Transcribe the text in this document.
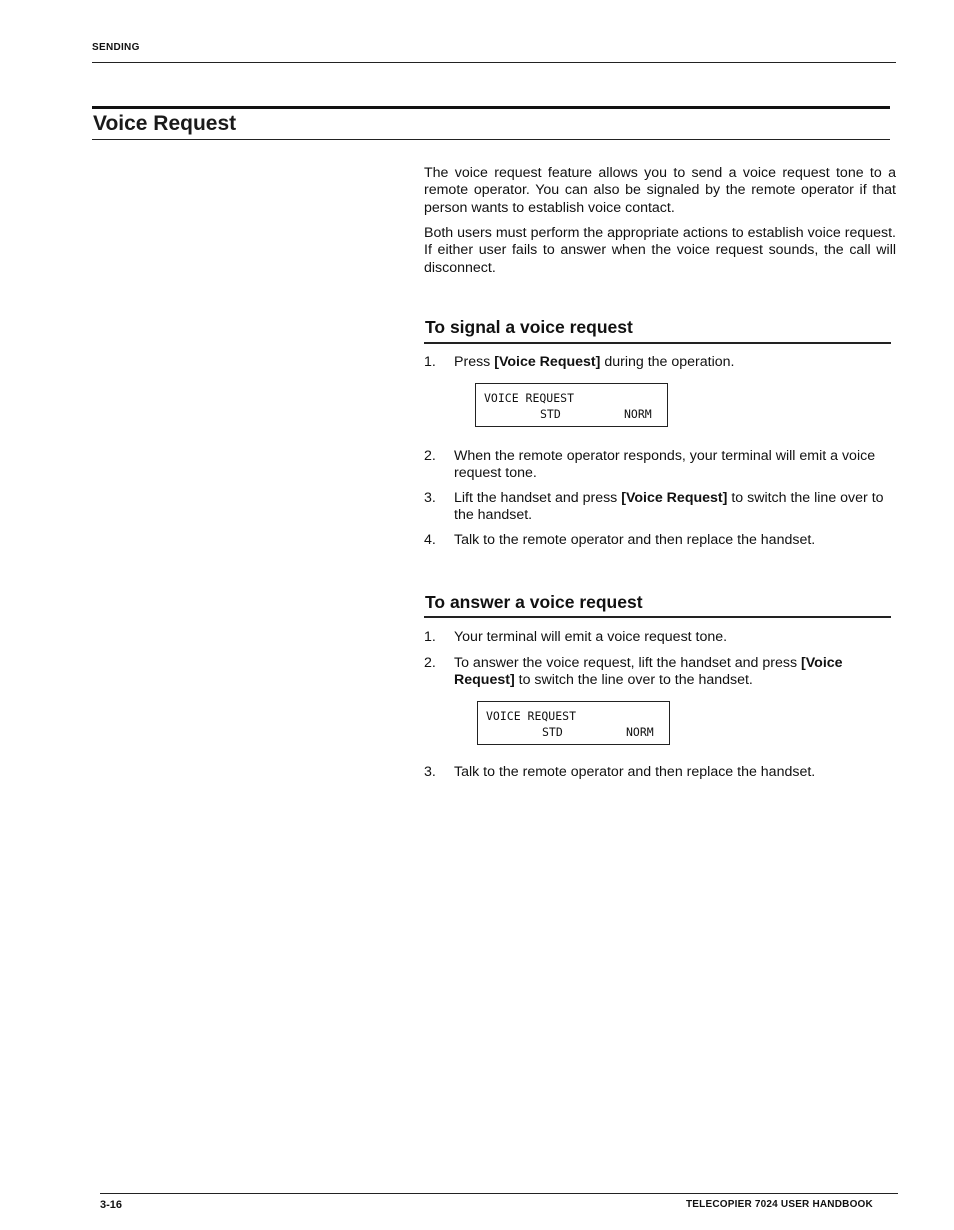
SENDING
Voice Request
The voice request feature allows you to send a voice request tone to a remote operator. You can also be signaled by the remote operator if that person wants to establish voice contact.
Both users must perform the appropriate actions to establish voice request. If either user fails to answer when the voice request sounds, the call will disconnect.
To signal a voice request
1.	Press [Voice Request] during the operation.
VOICE REQUEST
STD	NORM
2.	When the remote operator responds, your terminal will emit a voice request tone.
3.	Lift the handset and press [Voice Request] to switch the line over to the handset.
4.	Talk to the remote operator and then replace the handset.
To answer a voice request
1.	Your terminal will emit a voice request tone.
2.	To answer the voice request, lift the handset and press [Voice Request] to switch the line over to the handset.
VOICE REQUEST
STD	NORM
3.	Talk to the remote operator and then replace the handset.
3-16	TELECOPIER 7024 USER HANDBOOK
